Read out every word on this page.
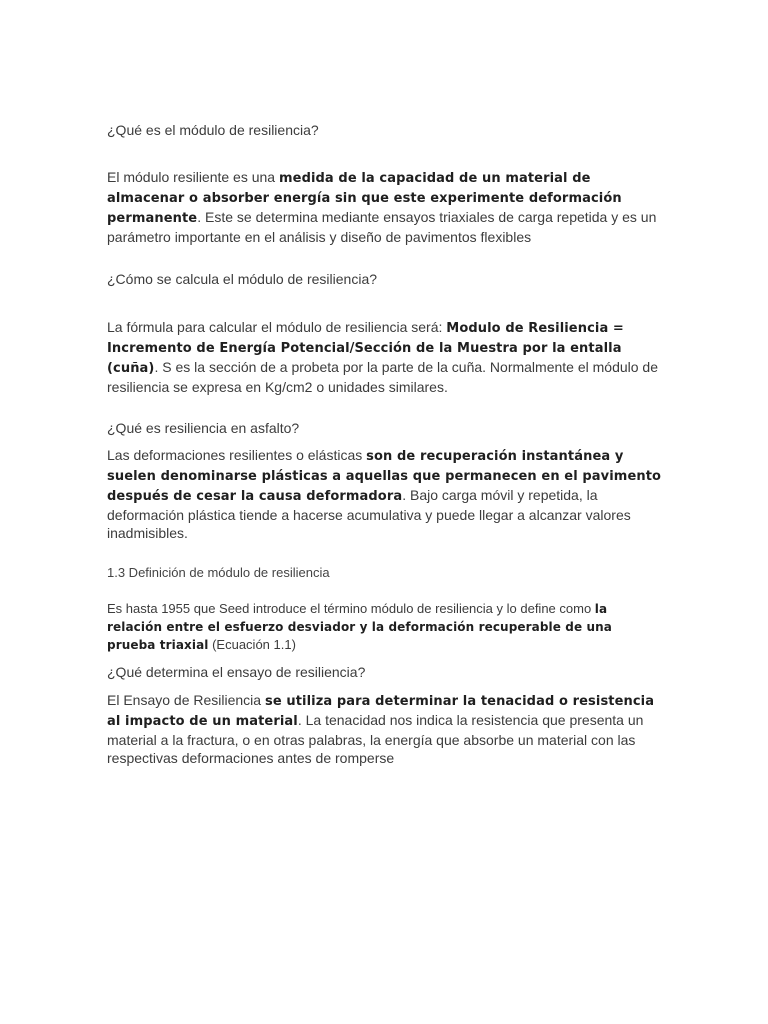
¿Qué es el módulo de resiliencia?

El módulo resiliente es una medida de la capacidad de un material de almacenar o absorber energía sin que este experimente deformación permanente. Este se determina mediante ensayos triaxiales de carga repetida y es un parámetro importante en el análisis y diseño de pavimentos flexibles

¿Cómo se calcula el módulo de resiliencia?

La fórmula para calcular el módulo de resiliencia será: Modulo de Resiliencia = Incremento de Energía Potencial/Sección de la Muestra por la entalla (cuña). S es la sección de a probeta por la parte de la cuña. Normalmente el módulo de resiliencia se expresa en Kg/cm2 o unidades similares.

¿Qué es resiliencia en asfalto?

Las deformaciones resilientes o elásticas son de recuperación instantánea y suelen denominarse plásticas a aquellas que permanecen en el pavimento después de cesar la causa deformadora. Bajo carga móvil y repetida, la deformación plástica tiende a hacerse acumulativa y puede llegar a alcanzar valores inadmisibles.

1.3 Definición de módulo de resiliencia

Es hasta 1955 que Seed introduce el término módulo de resiliencia y lo define como la relación entre el esfuerzo desviador y la deformación recuperable de una prueba triaxial (Ecuación 1.1)

¿Qué determina el ensayo de resiliencia?

El Ensayo de Resiliencia se utiliza para determinar la tenacidad o resistencia al impacto de un material. La tenacidad nos indica la resistencia que presenta un material a la fractura, o en otras palabras, la energía que absorbe un material con las respectivas deformaciones antes de romperse
